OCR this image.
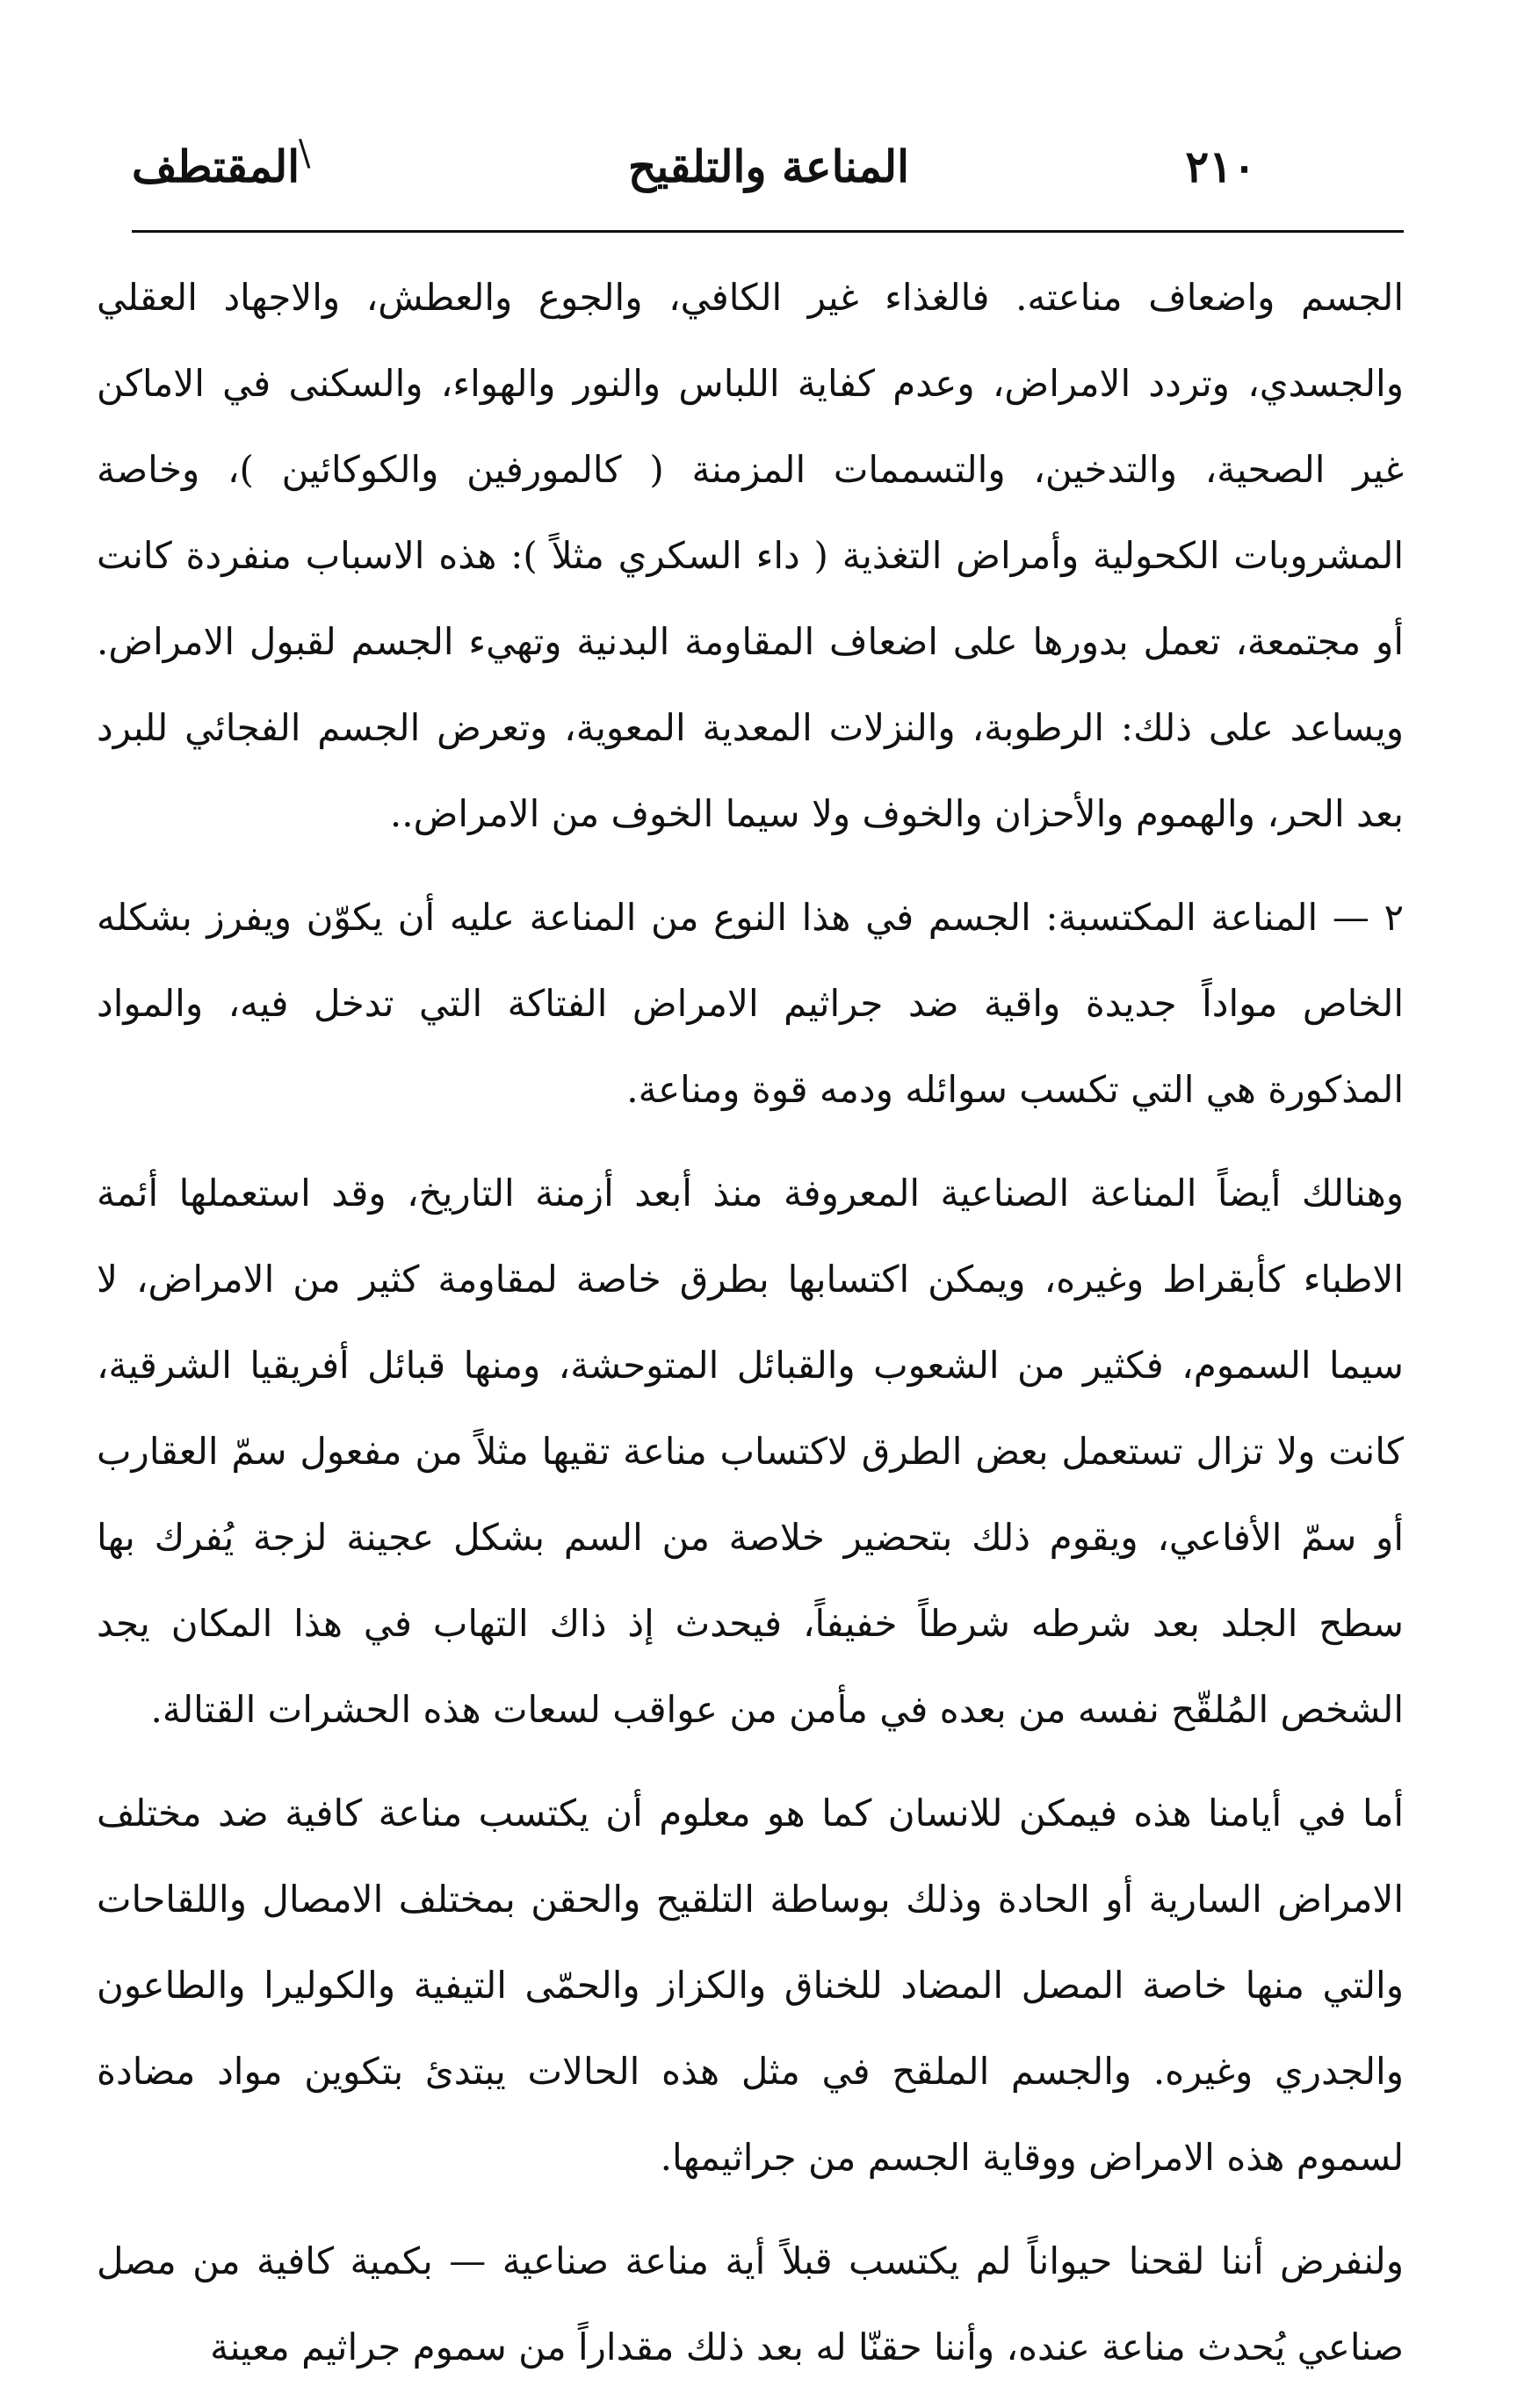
٢١٠
المناعة والتلقيح
\
المقتطف

الجسم واضعاف مناعته. فالغذاء غير الكافي، والجوع والعطش، والاجهاد العقلي والجسدي، وتردد الامراض، وعدم كفاية اللباس والنور والهواء، والسكنى في الاماكن غير الصحية، والتدخين، والتسممات المزمنة ( كالمورفين والكوكائين )، وخاصة المشروبات الكحولية وأمراض التغذية ( داء السكري مثلاً ): هذه الاسباب منفردة كانت أو مجتمعة، تعمل بدورها على اضعاف المقاومة البدنية وتهيء الجسم لقبول الامراض. ويساعد على ذلك: الرطوبة، والنزلات المعدية المعوية، وتعرض الجسم الفجائي للبرد بعد الحر، والهموم والأحزان والخوف ولا سيما الخوف من الامراض..

٢ — المناعة المكتسبة: الجسم في هذا النوع من المناعة عليه أن يكوّن ويفرز بشكله الخاص مواداً جديدة واقية ضد جراثيم الامراض الفتاكة التي تدخل فيه، والمواد المذكورة هي التي تكسب سوائله ودمه قوة ومناعة.

وهنالك أيضاً المناعة الصناعية المعروفة منذ أبعد أزمنة التاريخ، وقد استعملها أئمة الاطباء كأبقراط وغيره، ويمكن اكتسابها بطرق خاصة لمقاومة كثير من الامراض، لا سيما السموم، فكثير من الشعوب والقبائل المتوحشة، ومنها قبائل أفريقيا الشرقية، كانت ولا تزال تستعمل بعض الطرق لاكتساب مناعة تقيها مثلاً من مفعول سمّ العقارب أو سمّ الأفاعي، ويقوم ذلك بتحضير خلاصة من السم بشكل عجينة لزجة يُفرك بها سطح الجلد بعد شرطه شرطاً خفيفاً، فيحدث إذ ذاك التهاب في هذا المكان يجد الشخص المُلقّح نفسه من بعده في مأمن من عواقب لسعات هذه الحشرات القتالة.

أما في أيامنا هذه فيمكن للانسان كما هو معلوم أن يكتسب مناعة كافية ضد مختلف الامراض السارية أو الحادة وذلك بوساطة التلقيح والحقن بمختلف الامصال واللقاحات والتي منها خاصة المصل المضاد للخناق والكزاز والحمّى التيفية والكوليرا والطاعون والجدري وغيره. والجسم الملقح في مثل هذه الحالات يبتدئ بتكوين مواد مضادة لسموم هذه الامراض ووقاية الجسم من جراثيمها.

ولنفرض أننا لقحنا حيواناً لم يكتسب قبلاً أية مناعة صناعية — بكمية كافية من مصل صناعي يُحدث مناعة عنده، وأننا حقنّا له بعد ذلك مقداراً من سموم جراثيم معينة
